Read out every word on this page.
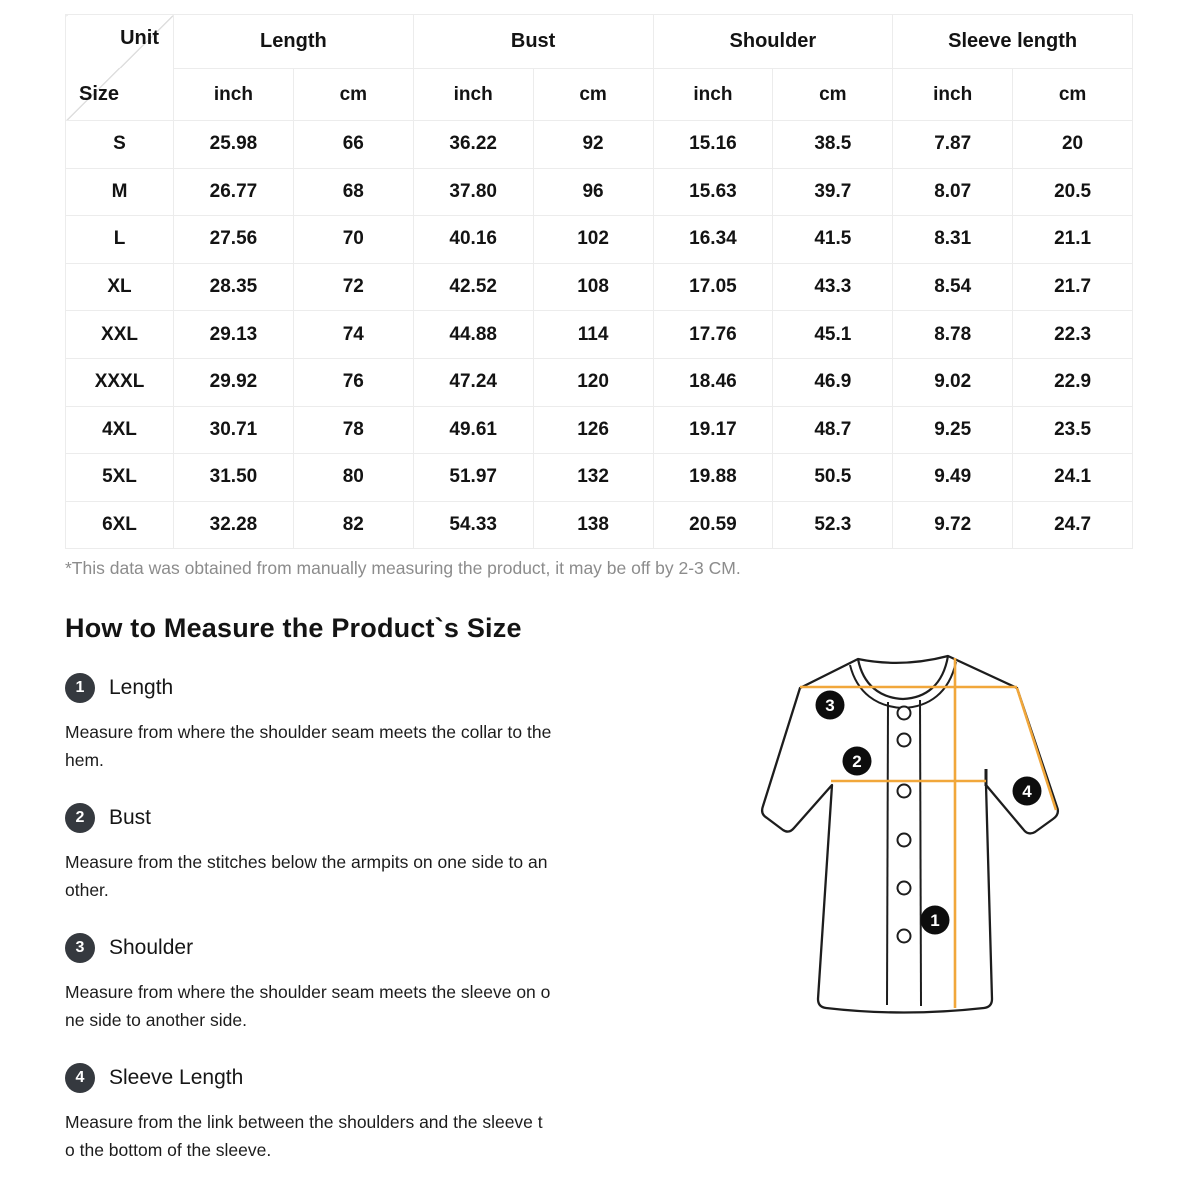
Unit
Size	Length		Bust		Shoulder		Sleeve length	
	inch	cm	inch	cm	inch	cm	inch	cm
S	25.98	66	36.22	92	15.16	38.5	7.87	20
M	26.77	68	37.80	96	15.63	39.7	8.07	20.5
L	27.56	70	40.16	102	16.34	41.5	8.31	21.1
XL	28.35	72	42.52	108	17.05	43.3	8.54	21.7
XXL	29.13	74	44.88	114	17.76	45.1	8.78	22.3
XXXL	29.92	76	47.24	120	18.46	46.9	9.02	22.9
4XL	30.71	78	49.61	126	19.17	48.7	9.25	23.5
5XL	31.50	80	51.97	132	19.88	50.5	9.49	24.1
6XL	32.28	82	54.33	138	20.59	52.3	9.72	24.7
*This data was obtained from manually measuring the product, it may be off by 2-3 CM.
How to Measure the Product`s Size
1	Length
Measure from where the shoulder seam meets the collar to the
hem.
2	Bust
Measure from the stitches below the armpits on one side to an
other.
3	Shoulder
Measure from where the shoulder seam meets the sleeve on o
ne side to another side.
4	Sleeve Length
Measure from the link between the shoulders and the sleeve t
o the bottom of the sleeve.
3
2
4
1
